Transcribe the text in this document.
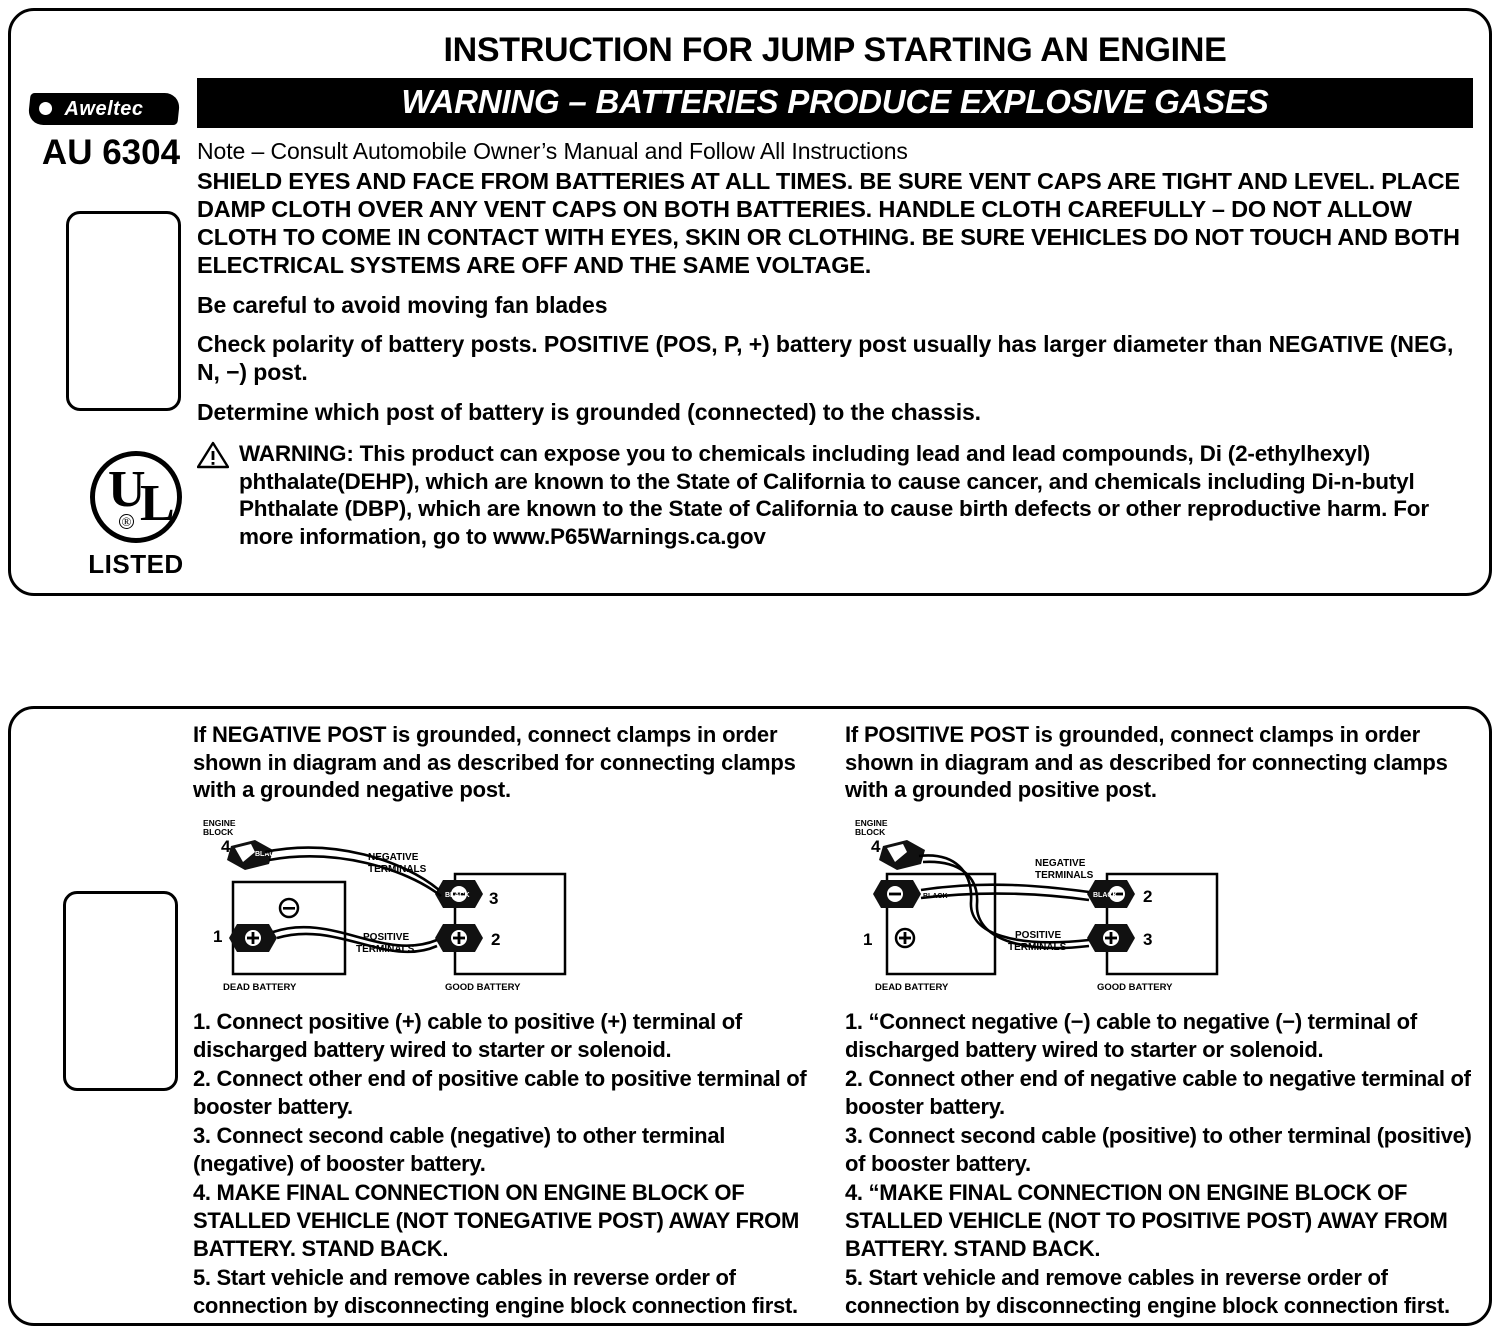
Aweltec
AU 6304
U
L
®
LISTED
INSTRUCTION FOR JUMP STARTING AN ENGINE
WARNING – BATTERIES PRODUCE EXPLOSIVE GASES
Note – Consult Automobile Owner’s Manual and Follow All Instructions
SHIELD EYES AND FACE FROM BATTERIES AT ALL TIMES. BE SURE VENT CAPS ARE TIGHT AND LEVEL. PLACE DAMP CLOTH OVER ANY VENT CAPS ON BOTH BATTERIES. HANDLE CLOTH CAREFULLY – DO NOT ALLOW CLOTH TO COME IN CONTACT WITH EYES, SKIN OR CLOTHING. BE SURE VEHICLES DO NOT TOUCH AND BOTH ELECTRICAL SYSTEMS ARE OFF AND THE SAME VOLTAGE.
Be careful to avoid moving fan blades
Check polarity of battery posts. POSITIVE (POS, P, +) battery post usually has larger diameter than NEGATIVE (NEG, N, −) post.
Determine which post of battery is grounded (connected) to the chassis.
WARNING: This product can expose you to chemicals including lead and lead compounds, Di (2-ethylhexyl) phthalate(DEHP), which are known to the State of California to cause cancer, and chemicals including Di-n-butyl Phthalate (DBP), which are known to the State of California to cause birth defects or other reproductive harm. For more information, go to www.P65Warnings.ca.gov
If NEGATIVE POST is grounded, connect clamps in order shown in diagram and as described for connecting clamps with a grounded negative post.
ENGINE
BLOCK
4	BLACK	NEGATIVE
TERMINALS
1
DEAD BATTERY
BLACK 3
2
GOOD BATTERY
POSITIVE
TERMINALS
1. Connect positive (+) cable to positive (+) terminal of discharged battery wired to starter or solenoid.
2. Connect other end of positive cable to positive terminal of booster battery.
3. Connect second cable (negative) to other terminal (negative) of booster battery.
4. MAKE FINAL CONNECTION ON ENGINE BLOCK OF STALLED VEHICLE (NOT TONEGATIVE POST) AWAY FROM BATTERY. STAND BACK.
5. Start vehicle and remove cables in reverse order of connection by disconnecting engine block connection first.
If POSITIVE POST is grounded, connect clamps in order shown in diagram and as described for connecting clamps with a grounded positive post.
ENGINE
BLOCK
4
NEGATIVE
TERMINALS
BLACK
1
DEAD BATTERY
BLACK 2
3
GOOD BATTERY
POSITIVE
TERMINALS
1. “Connect negative (−) cable to negative (−) terminal of discharged battery wired to starter or solenoid.
2. Connect other end of negative cable to negative terminal of booster battery.
3. Connect second cable (positive) to other terminal (positive) of booster battery.
4. “MAKE FINAL CONNECTION ON ENGINE BLOCK OF STALLED VEHICLE (NOT TO POSITIVE POST) AWAY FROM BATTERY. STAND BACK.
5. Start vehicle and remove cables in reverse order of connection by disconnecting engine block connection first.
